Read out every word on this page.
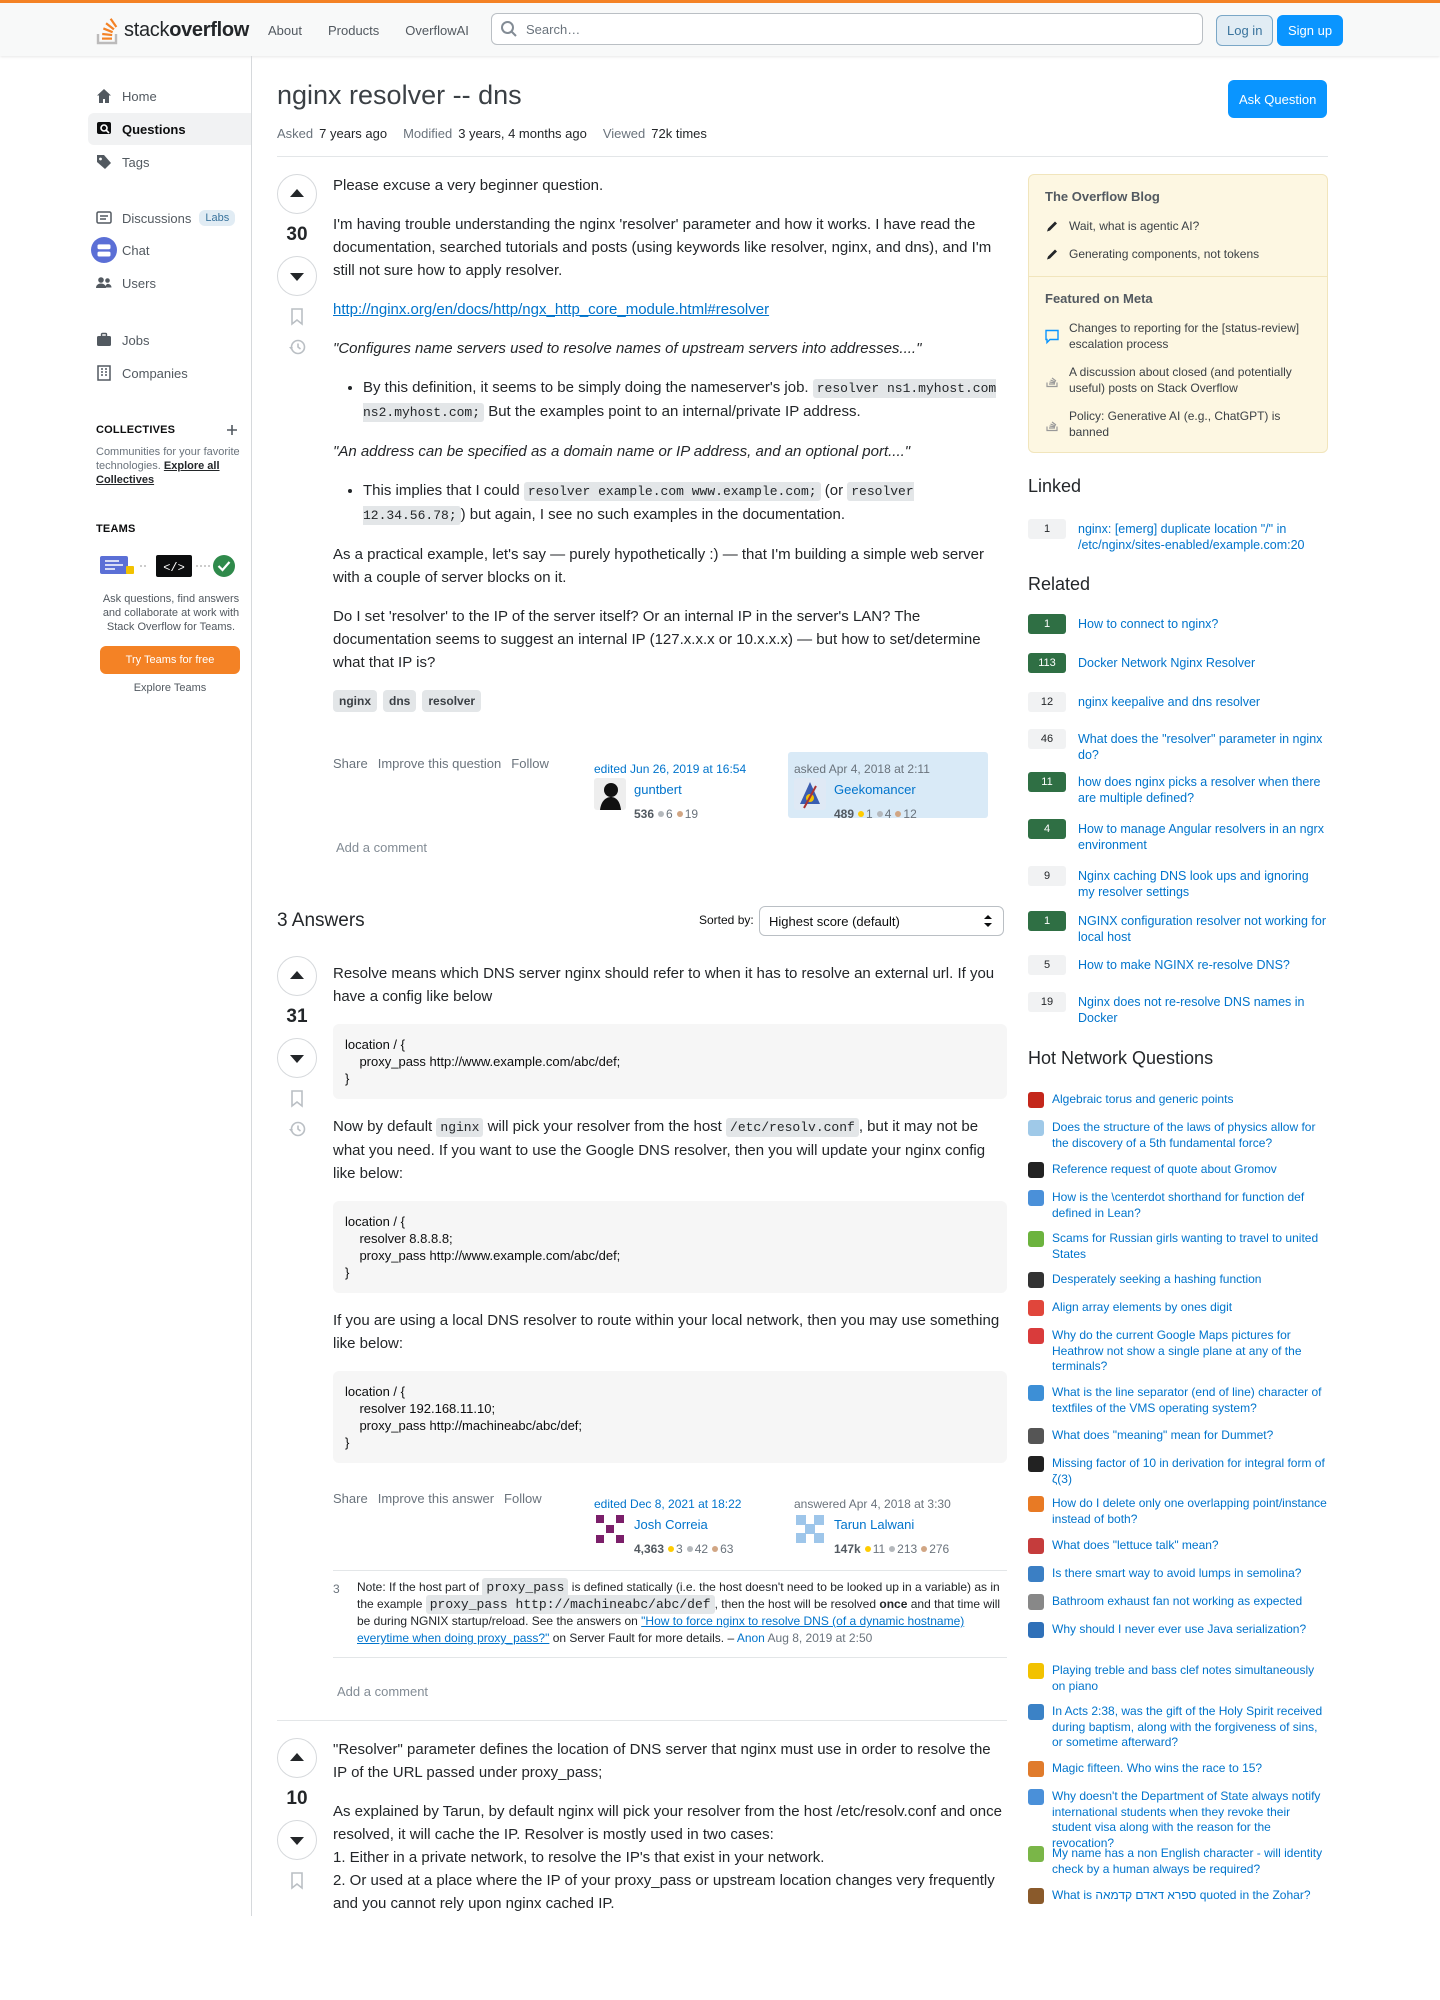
stackoverflow	About	Products	OverflowAI
Search…	Log in	Sign up
Home
Questions
Tags
Discussions	Labs
Chat
Users
Jobs
Companies
COLLECTIVES
Communities for your favorite technologies. Explore all Collectives
TEAMS
</>
Ask questions, find answers and collaborate at work with Stack Overflow for Teams.
Try Teams for free
Explore Teams
nginx resolver -- dns
Asked 7 years ago Modified 3 years, 4 months ago Viewed 72k times
Ask Question
30

Please excuse a very beginner question.

I'm having trouble understanding the nginx 'resolver' parameter and how it works. I have read the documentation, searched tutorials and posts (using keywords like resolver, nginx, and dns), and I'm still not sure how to apply resolver.

http://nginx.org/en/docs/http/ngx_http_core_module.html#resolver

"Configures name servers used to resolve names of upstream servers into addresses...."

• By this definition, it seems to be simply doing the nameserver's job. resolver ns1.myhost.com ns2.myhost.com; But the examples point to an internal/private IP address.

"An address can be specified as a domain name or IP address, and an optional port...."

• This implies that I could resolver example.com www.example.com; (or resolver 12.34.56.78; ) but again, I see no such examples in the documentation.

As a practical example, let's say — purely hypothetically :) — that I'm building a simple web server with a couple of server blocks on it.

Do I set 'resolver' to the IP of the server itself? Or an internal IP in the server's LAN? The documentation seems to suggest an internal IP (127.x.x.x or 10.x.x.x) — but how to set/determine what that IP is?

nginx	dns	resolver
Share Improve this question Follow	edited Jun 26, 2019 at 16:54
guntbert
536 6 19
asked Apr 4, 2018 at 2:11
Geekomancer
489 1 4 12
Add a comment
3 Answers	Sorted by: Highest score (default)
31

Resolve means which DNS server nginx should refer to when it has to resolve an external url. If you have a config like below

location / {
proxy_pass http://www.example.com/abc/def;
}

Now by default nginx will pick your resolver from the host /etc/resolv.conf , but it may not be what you need. If you want to use the Google DNS resolver, then you will update your nginx config like below:

location / {
resolver 8.8.8.8;
proxy_pass http://www.example.com/abc/def;
}

If you are using a local DNS resolver to route within your local network, then you may use something like below:

location / {
resolver 192.168.11.10;
proxy_pass http://machineabc/abc/def;
}
Share Improve this answer Follow	edited Dec 8, 2021 at 18:22
Josh Correia
4,363 3 42 63
answered Apr 4, 2018 at 3:30
Tarun Lalwani
147k 11 213 276
3	Note: If the host part of proxy_pass is defined statically (i.e. the host doesn't need to be looked up in a variable) as in the example proxy_pass http://machineabc/abc/def , then the host will be resolved once and that time will be during NGNIX startup/reload. See the answers on "How to force nginx to resolve DNS (of a dynamic hostname) everytime when doing proxy_pass?" on Server Fault for more details. – Anon Aug 8, 2019 at 2:50
Add a comment
10

"Resolver" parameter defines the location of DNS server that nginx must use in order to resolve the IP of the URL passed under proxy_pass;

As explained by Tarun, by default nginx will pick your resolver from the host /etc/resolv.conf and once resolved, it will cache the IP. Resolver is mostly used in two cases:

1. Either in a private network, to resolve the IP's that exist in your network.

2. Or used at a place where the IP of your proxy_pass or upstream location changes very frequently and you cannot rely upon nginx cached IP.

The Overflow Blog
Wait, what is agentic AI?
Generating components, not tokens
Featured on Meta
Changes to reporting for the [status-review] escalation process
A discussion about closed (and potentially useful) posts on Stack Overflow
Policy: Generative AI (e.g., ChatGPT) is banned
Linked
1	nginx: [emerg] duplicate location "/" in /etc/nginx/sites-enabled/example.com:20
Related
1	How to connect to nginx?
113	Docker Network Nginx Resolver
12	nginx keepalive and dns resolver
46	What does the "resolver" parameter in nginx do?
11	how does nginx picks a resolver when there are multiple defined?
4	How to manage Angular resolvers in an ngrx environment
9	Nginx caching DNS look ups and ignoring my resolver settings
1	NGINX configuration resolver not working for local host
5	How to make NGINX re-resolve DNS?
19	Nginx does not re-resolve DNS names in Docker
Hot Network Questions
Algebraic torus and generic points
Does the structure of the laws of physics allow for the discovery of a 5th fundamental force?
Reference request of quote about Gromov
How is the \centerdot shorthand for function def defined in Lean?
Scams for Russian girls wanting to travel to united States
Desperately seeking a hashing function
Align array elements by ones digit
Why do the current Google Maps pictures for Heathrow not show a single plane at any of the terminals?
What is the line separator (end of line) character of textfiles of the VMS operating system?
What does "meaning" mean for Dummet?
Missing factor of 10 in derivation for integral form of ζ(3)
How do I delete only one overlapping point/instance instead of both?
What does "lettuce talk" mean?
Is there smart way to avoid lumps in semolina?
Bathroom exhaust fan not working as expected
Why should I never ever use Java serialization?
Playing treble and bass clef notes simultaneously on piano
In Acts 2:38, was the gift of the Holy Spirit received during baptism, along with the forgiveness of sins, or sometime afterward?
Magic fifteen. Who wins the race to 15?
Why doesn't the Department of State always notify international students when they revoke their student visa along with the reason for the revocation?
My name has a non English character - will identity check by a human always be required?
What is ספרא דאדם קדמאה quoted in the Zohar?
